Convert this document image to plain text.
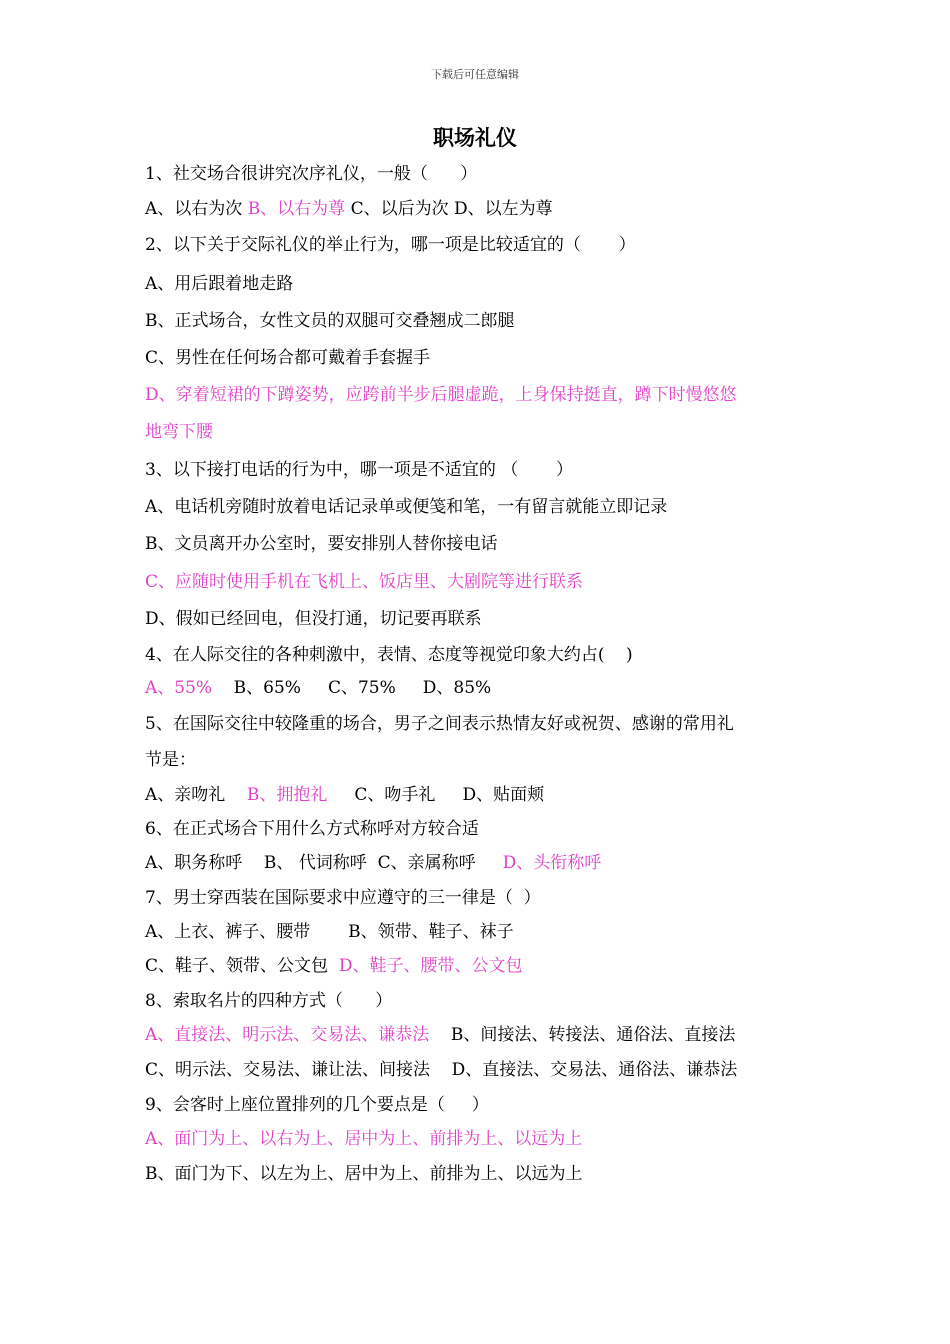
下载后可任意编辑
职场礼仪
1、社交场合很讲究次序礼仪，一般（      ）
A、以右为次 B、以右为尊 C、以后为次 D、以左为尊
2、以下关于交际礼仪的举止行为，哪一项是比较适宜的（       ）
A、用后跟着地走路
B、正式场合，女性文员的双腿可交叠翘成二郎腿
C、男性在任何场合都可戴着手套握手
D、穿着短裙的下蹲姿势，应跨前半步后腿虚跪，上身保持挺直，蹲下时慢悠悠
地弯下腰
3、以下接打电话的行为中，哪一项是不适宜的 （       ）
A、电话机旁随时放着电话记录单或便笺和笔，一有留言就能立即记录
B、文员离开办公室时，要安排别人替你接电话
C、应随时使用手机在飞机上、饭店里、大剧院等进行联系
D、假如已经回电，但没打通，切记要再联系
4、在人际交往的各种刺激中，表情、态度等视觉印象大约占(    )
A、55%    B、65%     C、75%     D、85%
5、在国际交往中较隆重的场合，男子之间表示热情友好或祝贺、感谢的常用礼
节是：
A、亲吻礼    B、拥抱礼     C、吻手礼     D、贴面颊
6、在正式场合下用什么方式称呼对方较合适
A、职务称呼    B、 代词称呼  C、亲属称呼     D、头衔称呼
7、男士穿西装在国际要求中应遵守的三一律是（  ）
A、上衣、裤子、腰带       B、领带、鞋子、袜子
C、鞋子、领带、公文包  D、鞋子、腰带、公文包
8、索取名片的四种方式（      ）
A、直接法、明示法、交易法、谦恭法    B、间接法、转接法、通俗法、直接法
C、明示法、交易法、谦让法、间接法    D、直接法、交易法、通俗法、谦恭法
9、会客时上座位置排列的几个要点是（     ）
A、面门为上、以右为上、居中为上、前排为上、以远为上
B、面门为下、以左为上、居中为上、前排为上、以远为上
